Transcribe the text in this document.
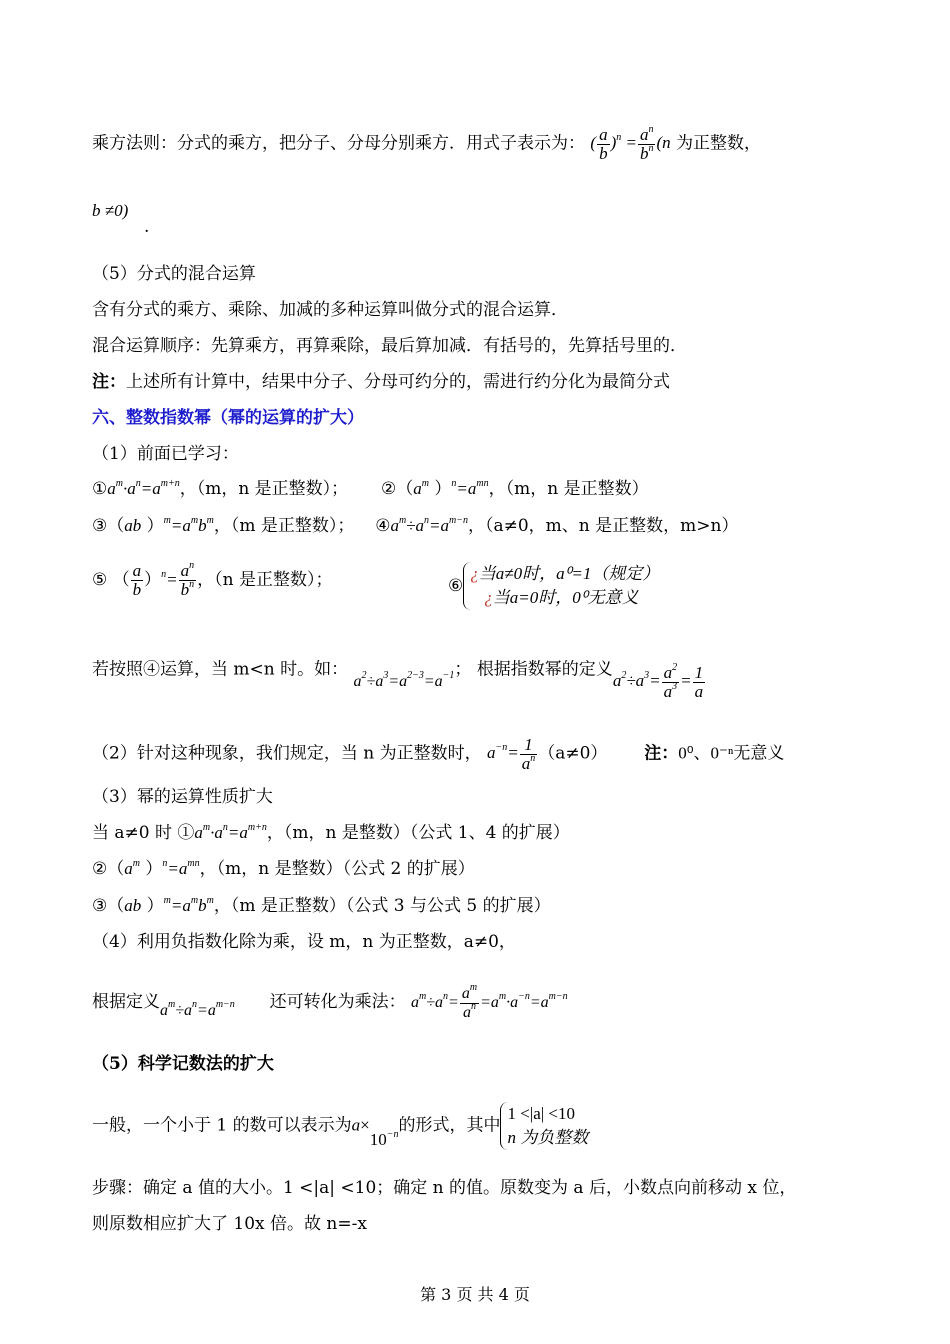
乘方法则：分式的乘方，把分子、分母分别乘方．用式子表示为： ( $\frac{a}{b} )^n = \frac{a^n}{b^n} (n$ 为正整数，
b ≠0)
.
（5）分式的混合运算
含有分式的乘方、乘除、加减的多种运算叫做分式的混合运算．
混合运算顺序：先算乘方，再算乘除，最后算加减．有括号的，先算括号里的．
注：上述所有计算中，结果中分子、分母可约分的，需进行约分化为最简分式
六、整数指数幂（幂的运算的扩大）
（1）前面已学习：
$①a^m\cdot a^n=a^{m+n}$，（m，n 是正整数）； $②(a^m$ ）$^n=a^{mn}$，（m，n 是正整数）
③（ab ）$^m=a^mb^m$，（m 是正整数）； $④a^m\div a^n=a^{m-n}$，（a≠0，m、n 是正整数，m>n）
⑤ （ $\frac{a}{b} )^n= \frac{a^n}{b^n}$ ，（n 是正整数）；	⑥
¿当a≠0时，a⁰=1（规定）
¿当a=0时，0⁰无意义
若按照④运算，当 m<n 时。如： $a^2\div a^3=a^{2-3}=a^{-1}$； 根据指数幂的定义$a^2\div a^3= \frac{a^2}{a^3} = \frac{1}{a}$
（2）针对这种现象，我们规定，当 n 为正整数时， $a^{-n}= \frac{1}{a^n} (a\ne 0)$ 注：0⁰、0⁻ⁿ无意义
（3）幂的运算性质扩大
当 a≠0 时 $①a^m\cdot a^n=a^{m+n}$，（m，n 是整数）（公式 1、4 的扩展）
$②(a^m$ ）$^n=a^{mn}$，（m，n 是整数）（公式 2 的扩展）
③（ab ）$^m=a^mb^m$，（m 是正整数）（公式 3 与公式 5 的扩展）
（4）利用负指数化除为乘，设 m，n 为正整数，a≠0，
根据定义$a^m\div a^n=a^{m-n}$ 还可转化为乘法： $a^m\div a^n= \frac{a^m}{a^n} =a^m\cdot a^{-n}=a^{m-n}$
（5）科学记数法的扩大
一般，一个小于 1 的数可以表示为$a\times 10^{-n}$的形式，其中
1 <|a| <10
n 为负整数
步骤：确定 a 值的大小。1 <|a| <10；确定 n 的值。原数变为 a 后，小数点向前移动 x 位，
则原数相应扩大了 10x 倍。故 n=-x
第 3 页 共 4 页
